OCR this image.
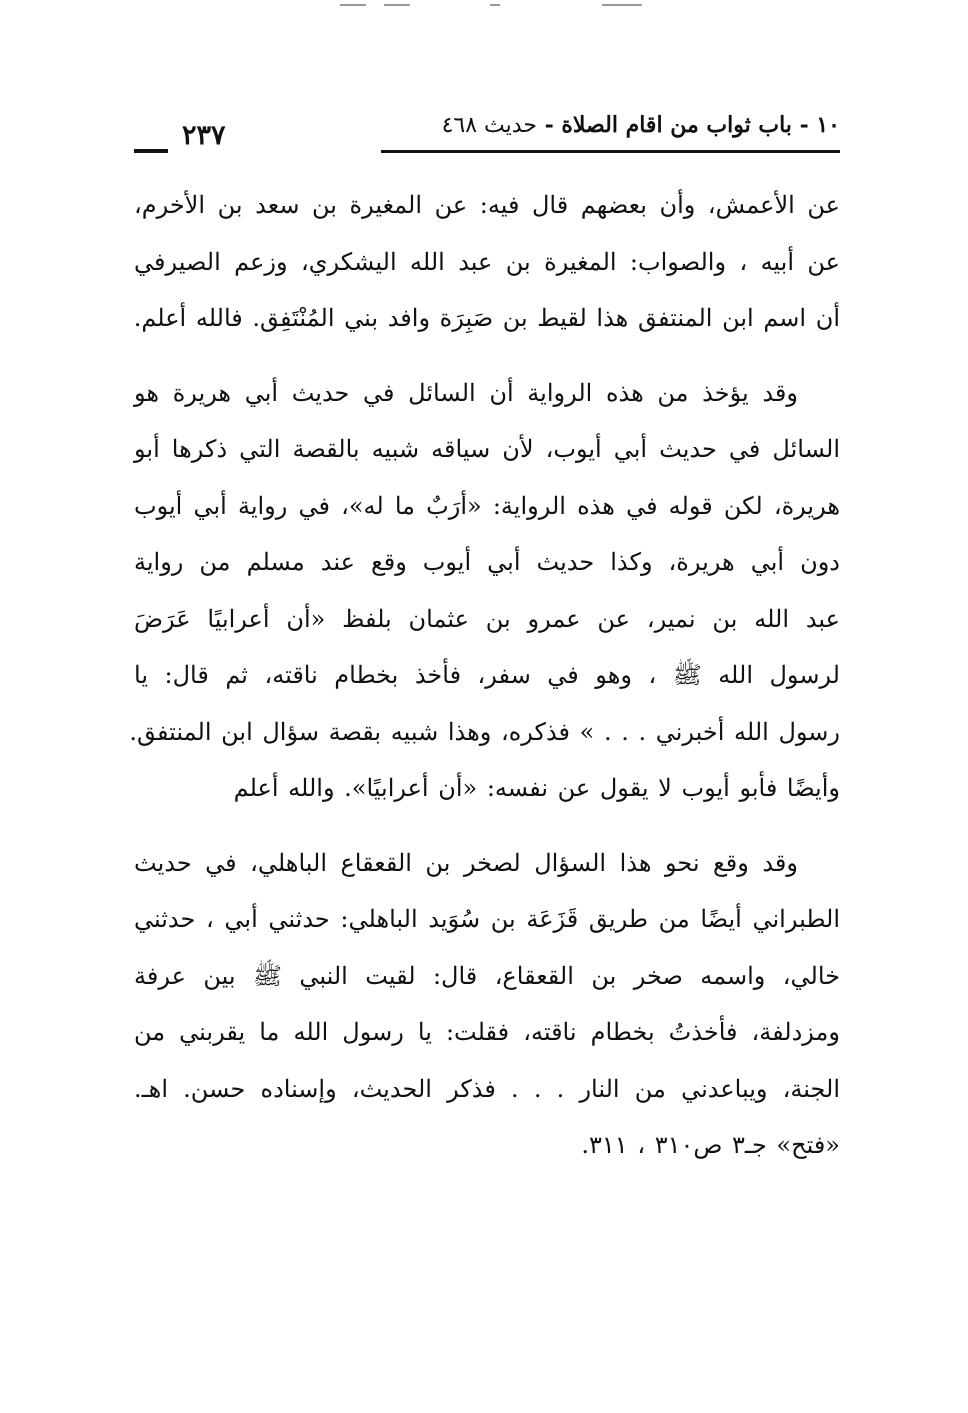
١٠ - باب ثواب من اقام الصلاة - حديث ٤٦٨
٢٣٧
عن الأعمش، وأن بعضهم قال فيه: عن المغيرة بن سعد بن الأخرم،
عن أبيه ، والصواب: المغيرة بن عبد الله اليشكري، وزعم الصيرفي
أن اسم ابن المنتفق هذا لقيط بن صَبِرَة وافد بني المُنْتَفِق. فالله أعلم.
وقد يؤخذ من هذه الرواية أن السائل في حديث أبي هريرة هو
السائل في حديث أبي أيوب، لأن سياقه شبيه بالقصة التي ذكرها أبو
هريرة، لكن قوله في هذه الرواية: «أرَبٌ ما له»، في رواية أبي أيوب
دون أبي هريرة، وكذا حديث أبي أيوب وقع عند مسلم من رواية
عبد الله بن نمير، عن عمرو بن عثمان بلفظ «أن أعرابيًا عَرَضَ
لرسول الله ﷺ ، وهو في سفر، فأخذ بخطام ناقته، ثم قال: يا
رسول الله أخبرني . . . » فذكره، وهذا شبيه بقصة سؤال ابن المنتفق.
وأيضًا فأبو أيوب لا يقول عن نفسه: «أن أعرابيًا». والله أعلم
وقد وقع نحو هذا السؤال لصخر بن القعقاع الباهلي، في حديث
الطبراني أيضًا من طريق قَزَعَة بن سُوَيد الباهلي: حدثني أبي ، حدثني
خالي، واسمه صخر بن القعقاع، قال: لقيت النبي ﷺ بين عرفة
ومزدلفة، فأخذتُ بخطام ناقته، فقلت: يا رسول الله ما يقربني من
الجنة، ويباعدني من النار . . . فذكر الحديث، وإسناده حسن. اهـ.
«فتح» جـ٣ ص٣١٠ ، ٣١١.
